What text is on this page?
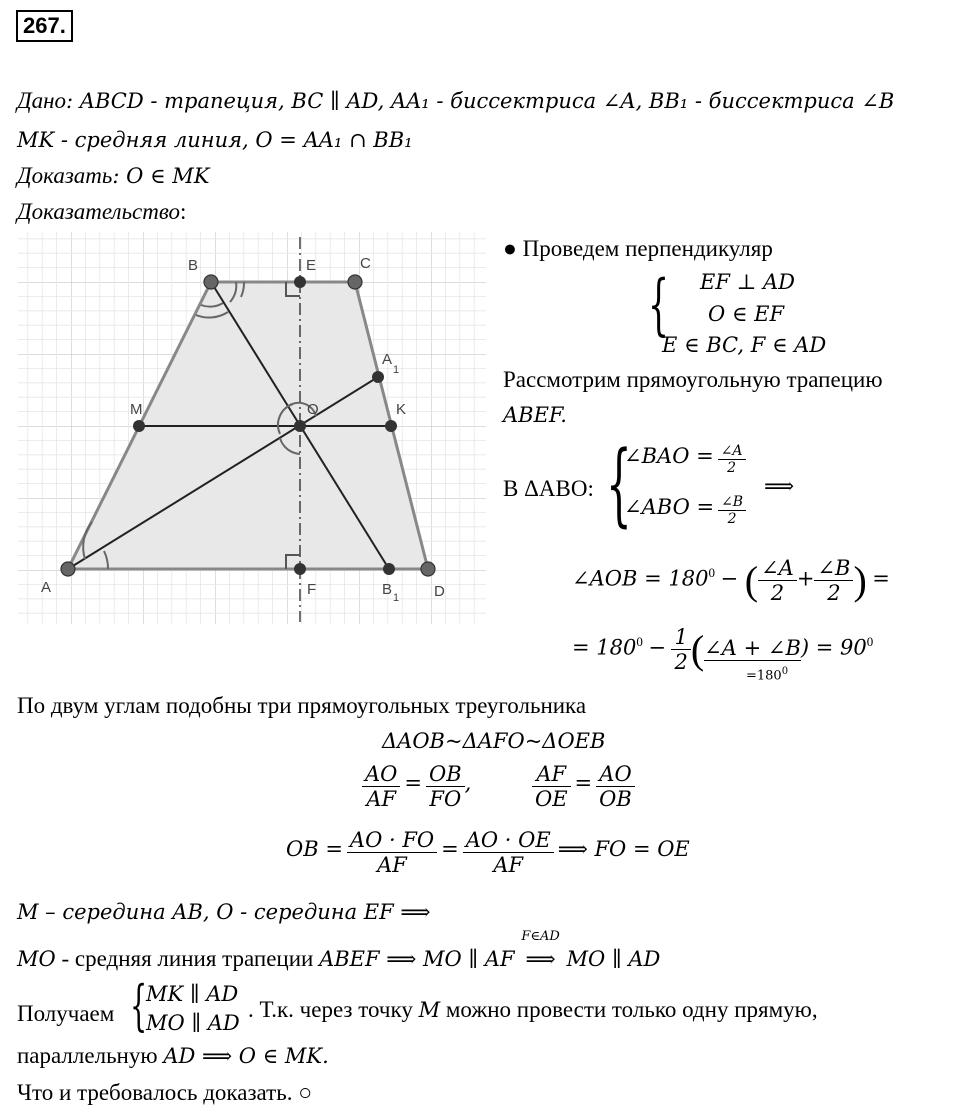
267.
Дано: ABCD - трапеция, BC ∥ AD, AA₁ - биссектриса ∠A, BB₁ - биссектриса ∠B
MK - средняя линия, O = AA₁ ∩ BB₁
Доказать: O ∈ MK
Доказательство:
A
B	C
D
E
F
M	K
O
A
1
B 1
● Проведем перпендикуляр
{ EF ⊥ AD
O ∈ EF
E ∈ BC, F ∈ AD
Рассмотрим прямоугольную трапецию
ABEF.
В ΔABO: {
∠BAO = $\frac{\angle A}{2}$
∠ABO = $\frac{\angle B}{2}$
⟹
∠AOB = $180^0$ − ( $\frac{\angle A}{2} + \frac{\angle B}{2}$ ) =
= $180^0 - \frac{1}{2}$ (∠A + ∠B) = $90^0$
$=180^0$
По двум углам подобны три прямоугольных треугольника
ΔAOB~ΔAFO~ΔOEB
$\frac{AO}{AF} = \frac{OB}{FO}$ ,	$\frac{AF}{OE} = \frac{AO}{OB}$
OB = $\frac{AO \cdot FO}{AF} = \frac{AO \cdot OE}{AF}$ ⟹ FO = OE
M – середина AB, O - середина EF ⟹
MO - средняя линия трапеции ABEF ⟹ MO ∥ AF
F∈AD
⟹ MO ∥ AD
Получаем {
MK ∥ AD
MO ∥ AD
. Т.к. через точку M можно провести только одну прямую,
параллельную AD ⟹ O ∈ MK.
Что и требовалось доказать. ○
